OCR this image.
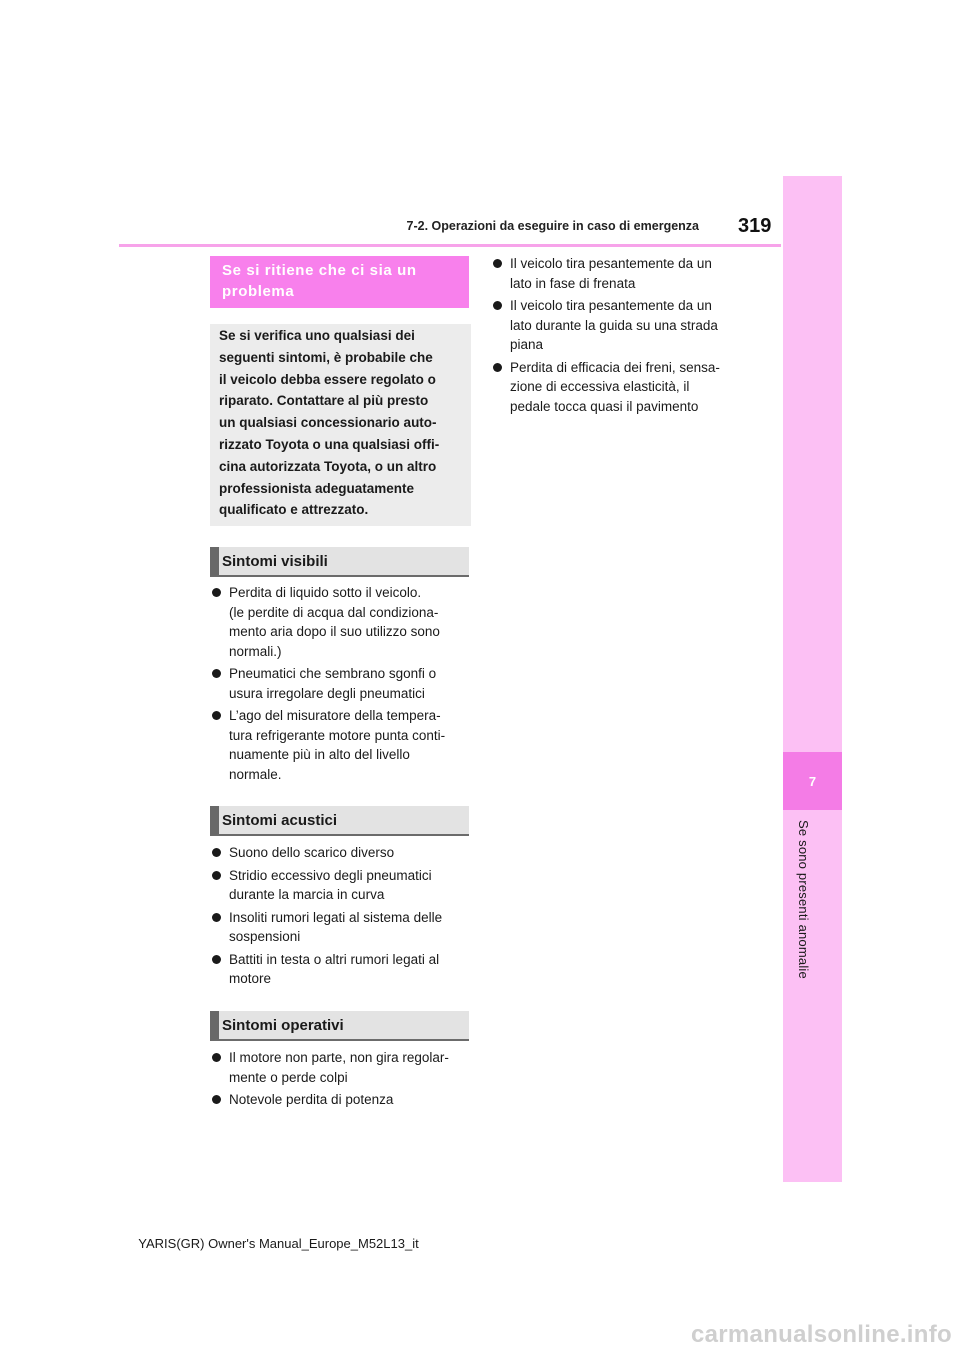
7
Se sono presenti anomalie
7-2. Operazioni da eseguire in caso di emergenza 319
Se si ritiene che ci sia un
problema

Se si verifica uno qualsiasi dei

seguenti sintomi, è probabile che

il veicolo debba essere regolato o

riparato. Contattare al più presto

un qualsiasi concessionario auto-

rizzato Toyota o una qualsiasi offi-

cina autorizzata Toyota, o un altro

professionista adeguatamente

qualificato e attrezzato.

Sintomi visibili
Perdita di liquido sotto il veicolo.
(le perdite di acqua dal condiziona-
mento aria dopo il suo utilizzo sono
normali.)
Pneumatici che sembrano sgonfi o
usura irregolare degli pneumatici
L’ago del misuratore della tempera-
tura refrigerante motore punta conti-
nuamente più in alto del livello
normale.
Sintomi acustici
Suono dello scarico diverso
Stridio eccessivo degli pneumatici
durante la marcia in curva
Insoliti rumori legati al sistema delle
sospensioni
Battiti in testa o altri rumori legati al
motore
Sintomi operativi
Il motore non parte, non gira regolar-
mente o perde colpi
Notevole perdita di potenza
Il veicolo tira pesantemente da un
lato in fase di frenata
Il veicolo tira pesantemente da un
lato durante la guida su una strada
piana
Perdita di efficacia dei freni, sensa-
zione di eccessiva elasticità, il
pedale tocca quasi il pavimento
YARIS(GR) Owner's Manual_Europe_M52L13_it
carmanualsonline.info
